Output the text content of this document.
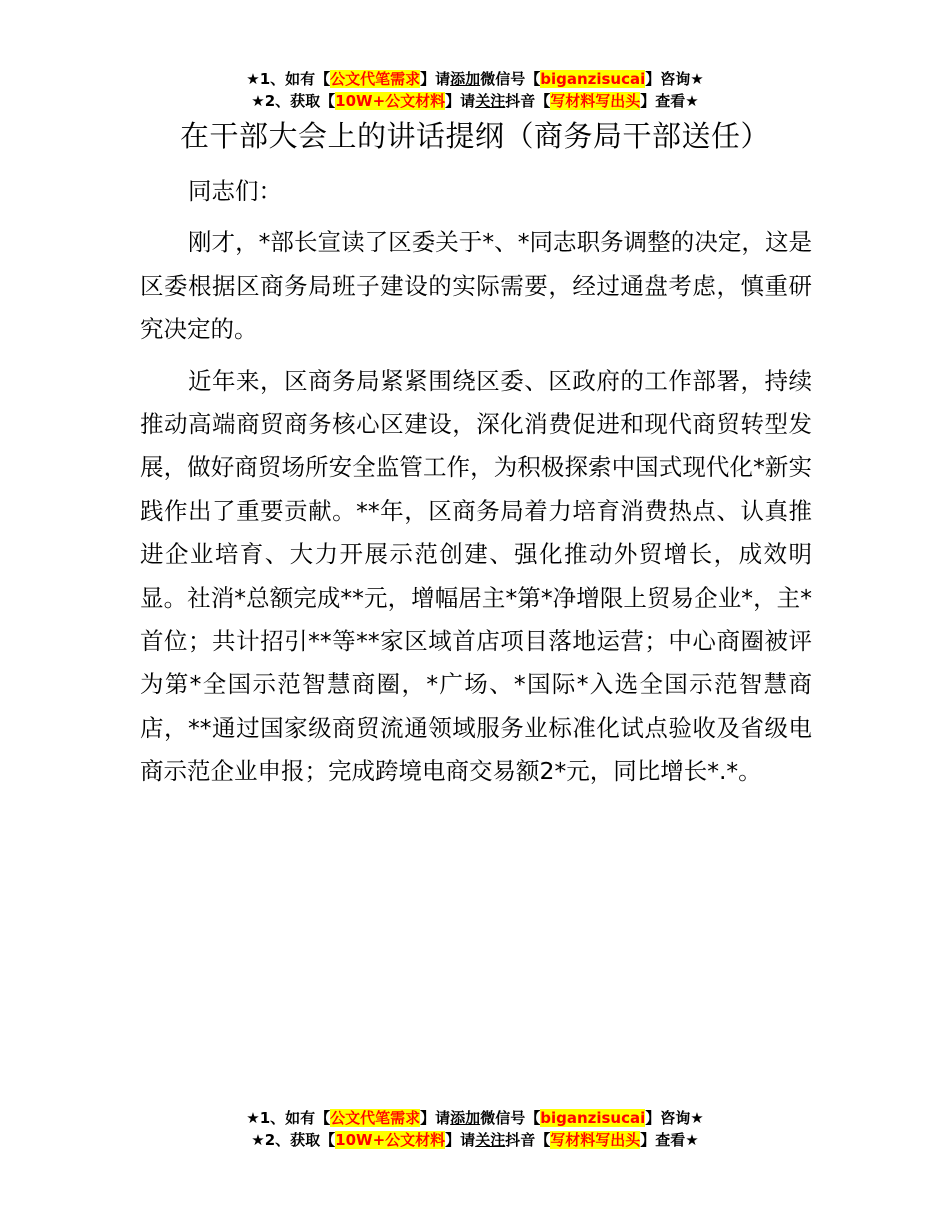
★1、如有【公文代笔需求】请添加微信号【biganzisucai】咨询★
★2、获取【10W+公文材料】请关注抖音【写材料写出头】查看★
在干部大会上的讲话提纲（商务局干部送任）

同志们：

刚才，*部长宣读了区委关于*、*同志职务调整的决定，这是区委根据区商务局班子建设的实际需要，经过通盘考虑，慎重研究决定的。

近年来，区商务局紧紧围绕区委、区政府的工作部署，持续推动高端商贸商务核心区建设，深化消费促进和现代商贸转型发展，做好商贸场所安全监管工作，为积极探索中国式现代化*新实践作出了重要贡献。**年，区商务局着力培育消费热点、认真推进企业培育、大力开展示范创建、强化推动外贸增长，成效明显。社消*总额完成**元，增幅居主*第*净增限上贸易企业*，主*首位；共计招引**等**家区域首店项目落地运营；中心商圈被评为第*全国示范智慧商圈，*广场、*国际*入选全国示范智慧商店，**通过国家级商贸流通领域服务业标准化试点验收及省级电商示范企业申报；完成跨境电商交易额2*元，同比增长*.*。

★1、如有【公文代笔需求】请添加微信号【biganzisucai】咨询★
★2、获取【10W+公文材料】请关注抖音【写材料写出头】查看★
